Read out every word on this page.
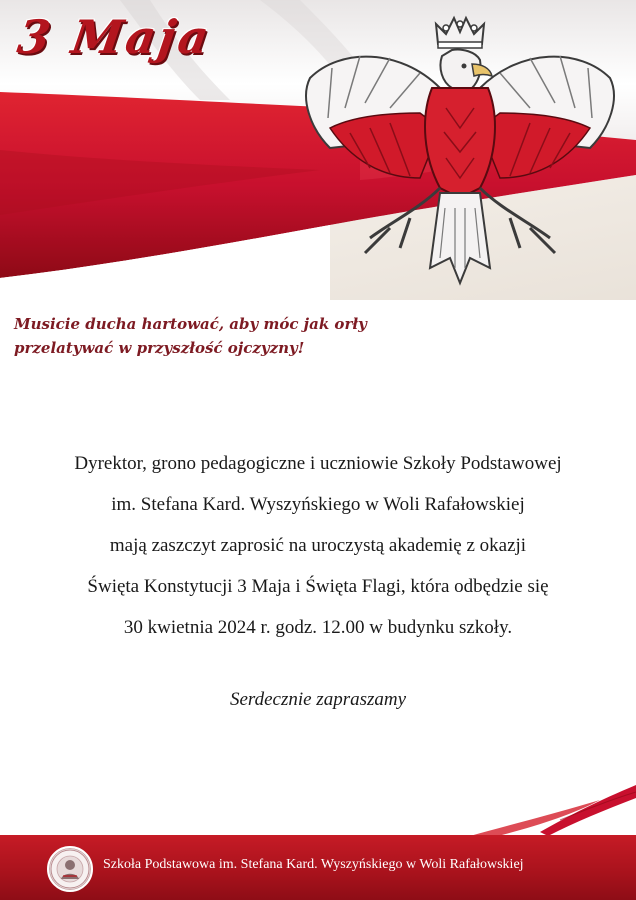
3 Maja
Musicie ducha hartować, aby móc jak orły
przelatywać w przyszłość ojczyzny!
Dyrektor, grono pedagogiczne i uczniowie Szkoły Podstawowej
im. Stefana Kard. Wyszyńskiego w Woli Rafałowskiej
mają zaszczyt zaprosić na uroczystą akademię z okazji
Święta Konstytucji 3 Maja i Święta Flagi, która odbędzie się
30 kwietnia 2024 r. godz. 12.00 w budynku szkoły.
Serdecznie zapraszamy
Szkoła Podstawowa im. Stefana Kard. Wyszyńskiego w Woli Rafałowskiej
